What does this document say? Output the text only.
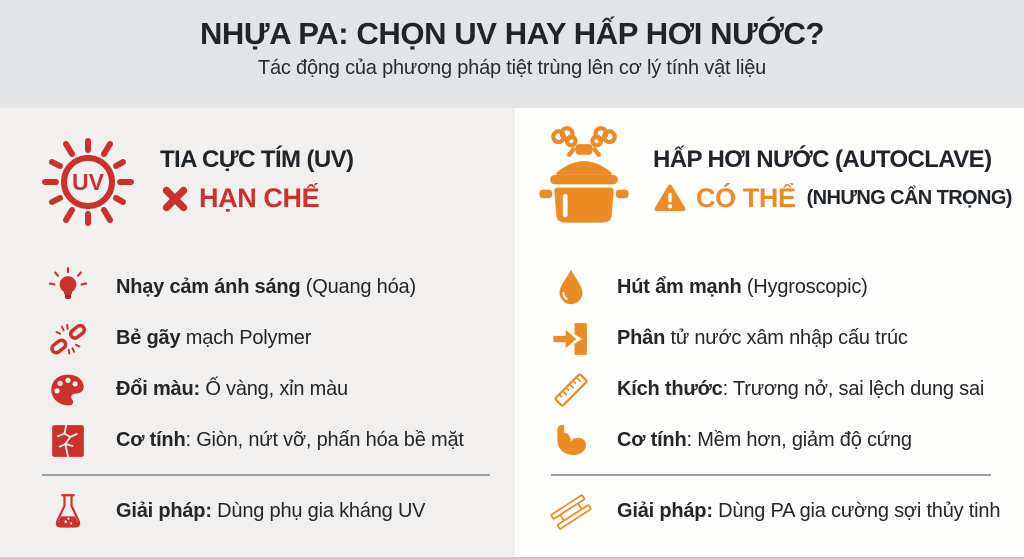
NHỰA PA: CHỌN UV HAY HẤP HƠI NƯỚC?

Tác động của phương pháp tiệt trùng lên cơ lý tính vật liệu

UV
TIA CỰC TÍM (UV)
HẠN CHẾ
Nhạy cảm ánh sáng (Quang hóa)
Bẻ gãy mạch Polymer
Đổi màu: Ố vàng, xỉn màu
Cơ tính: Giòn, nứt vỡ, phấn hóa bề mặt
Giải pháp: Dùng phụ gia kháng UV
HẤP HƠI NƯỚC (AUTOCLAVE)
CÓ THỂ (NHƯNG CẨN TRỌNG)
Hút ẩm mạnh (Hygroscopic)
Phân tử nước xâm nhập cấu trúc
Kích thước: Trương nở, sai lệch dung sai
Cơ tính: Mềm hơn, giảm độ cứng
Giải pháp: Dùng PA gia cường sợi thủy tinh
